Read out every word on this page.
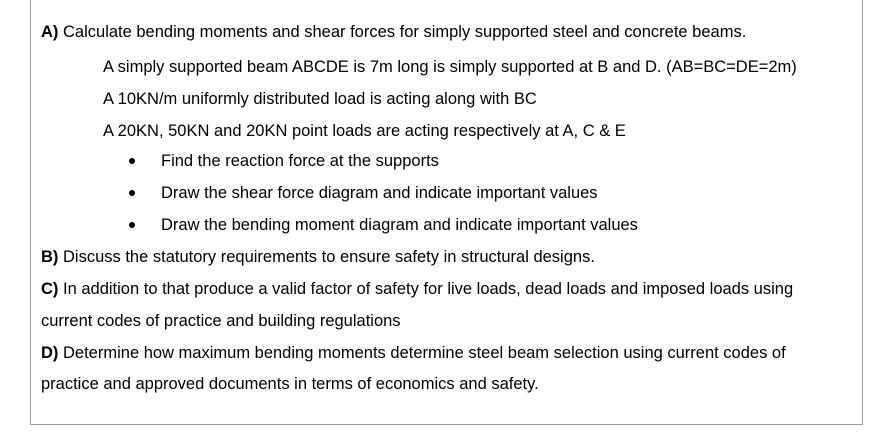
A) Calculate bending moments and shear forces for simply supported steel and concrete beams.
A simply supported beam ABCDE is 7m long is simply supported at B and D. (AB=BC=DE=2m)
A 10KN/m uniformly distributed load is acting along with BC
A 20KN, 50KN and 20KN point loads are acting respectively at A, C & E
Find the reaction force at the supports
Draw the shear force diagram and indicate important values
Draw the bending moment diagram and indicate important values
B) Discuss the statutory requirements to ensure safety in structural designs.
C) In addition to that produce a valid factor of safety for live loads, dead loads and imposed loads using
current codes of practice and building regulations
D) Determine how maximum bending moments determine steel beam selection using current codes of
practice and approved documents in terms of economics and safety.
